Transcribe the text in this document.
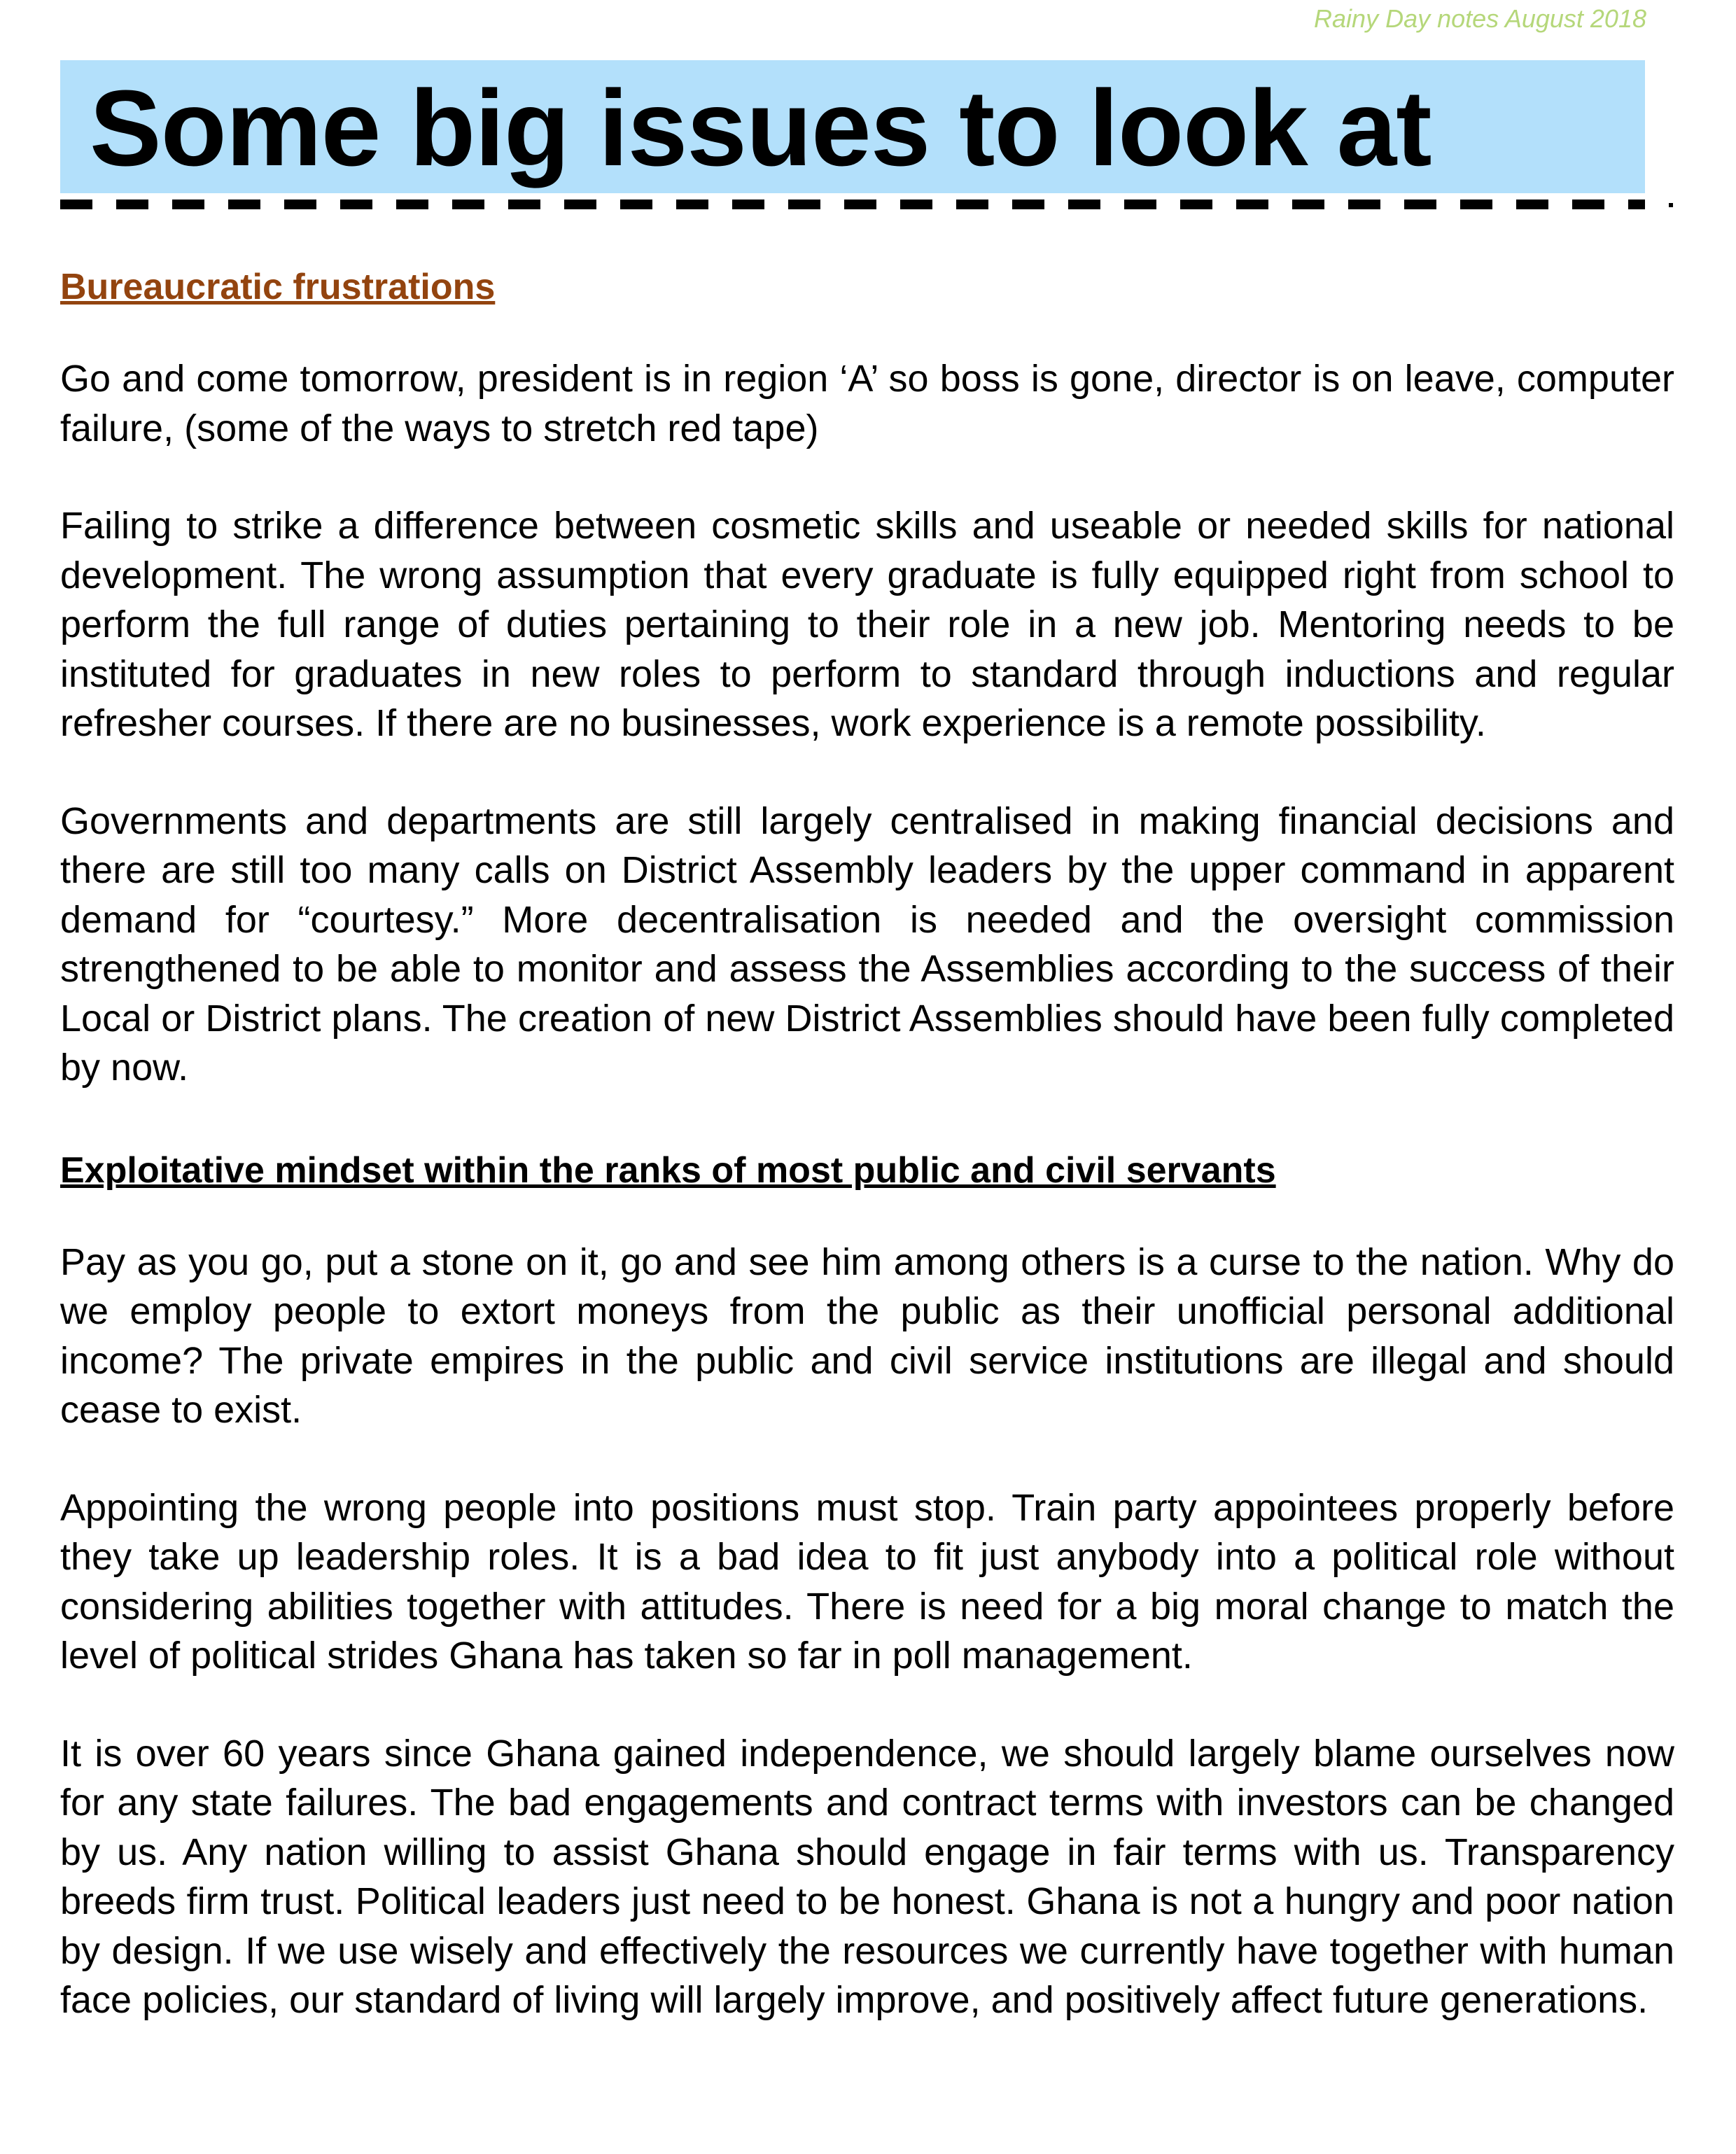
Rainy Day notes August 2018
Some big issues to look at
Bureaucratic frustrations

Go and come tomorrow, president is in region ‘A’ so boss is gone, director is on leave, computer failure, (some of the ways to stretch red tape)

Failing to strike a difference between cosmetic skills and useable or needed skills for national development. The wrong assumption that every graduate is fully equipped right from school to perform the full range of duties pertaining to their role in a new job. Mentoring needs to be instituted for graduates in new roles to perform to standard through inductions and regular refresher courses. If there are no businesses, work experience is a remote possibility.

Governments and departments are still largely centralised in making financial decisions and there are still too many calls on District Assembly leaders by the upper command in apparent demand for “courtesy.” More decentralisation is needed and the oversight commission strengthened to be able to monitor and assess the Assemblies according to the success of their Local or District plans. The creation of new District Assemblies should have been fully completed by now.

Exploitative mindset within the ranks of most public and civil servants

Pay as you go, put a stone on it, go and see him among others is a curse to the nation. Why do we employ people to extort moneys from the public as their unofficial personal additional income? The private empires in the public and civil service institutions are illegal and should cease to exist.

Appointing the wrong people into positions must stop. Train party appointees properly before they take up leadership roles. It is a bad idea to fit just anybody into a political role without considering abilities together with attitudes. There is need for a big moral change to match the level of political strides Ghana has taken so far in poll management.

It is over 60 years since Ghana gained independence, we should largely blame ourselves now for any state failures. The bad engagements and contract terms with investors can be changed by us. Any nation willing to assist Ghana should engage in fair terms with us. Transparency breeds firm trust. Political leaders just need to be honest. Ghana is not a hungry and poor nation by design. If we use wisely and effectively the resources we currently have together with human face policies, our standard of living will largely improve, and positively affect future generations.
